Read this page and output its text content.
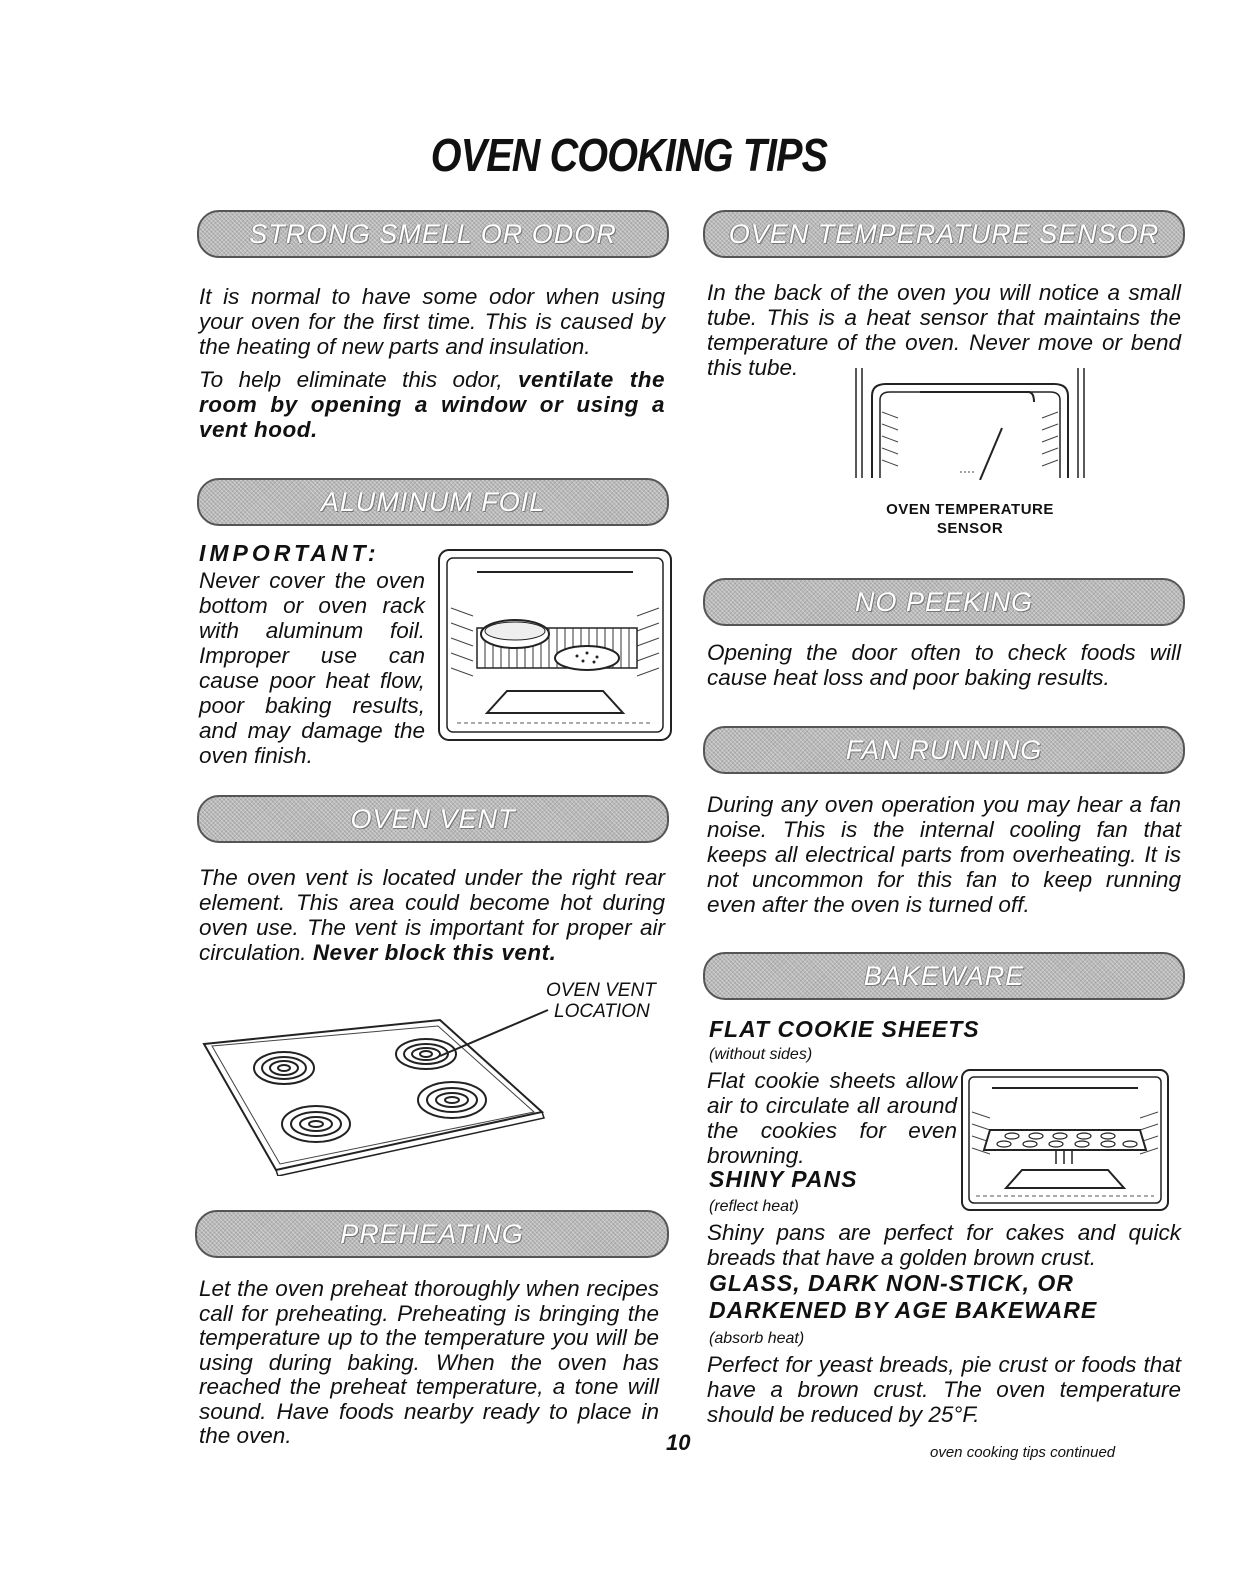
OVEN COOKING TIPS
STRONG SMELL OR ODOR

It is normal to have some odor when using your oven for the first time. This is caused by the heating of new parts and insulation.

To help eliminate this odor, ventilate the room by opening a window or using a vent hood.

ALUMINUM FOIL
IMPORTANT:

Never cover the oven bottom or oven rack with aluminum foil. Improper use can cause poor heat flow, poor baking results, and may damage the oven finish.

OVEN VENT

The oven vent is located under the right rear element. This area could become hot during oven use. The vent is important for proper air circulation. Never block this vent.

OVEN VENT
LOCATION
PREHEATING

Let the oven preheat thoroughly when recipes call for preheating. Preheating is bringing the temperature up to the temperature you will be using during baking. When the oven has reached the preheat temperature, a tone will sound. Have foods nearby ready to place in the oven.

OVEN TEMPERATURE SENSOR

In the back of the oven you will notice a small tube. This is a heat sensor that maintains the temperature of the oven. Never move or bend this tube.

OVEN TEMPERATURE
SENSOR
NO PEEKING

Opening the door often to check foods will cause heat loss and poor baking results.

FAN RUNNING

During any oven operation you may hear a fan noise. This is the internal cooling fan that keeps all electrical parts from overheating. It is not uncommon for this fan to keep running even after the oven is turned off.

BAKEWARE
FLAT COOKIE SHEETS
(without sides)

Flat cookie sheets allow air to circulate all around the cookies for even browning.

SHINY PANS
(reflect heat)

Shiny pans are perfect for cakes and quick breads that have a golden brown crust.

GLASS, DARK NON-STICK, OR
DARKENED BY AGE BAKEWARE
(absorb heat)

Perfect for yeast breads, pie crust or foods that have a brown crust. The oven temperature should be reduced by 25°F.

10	oven cooking tips continued
